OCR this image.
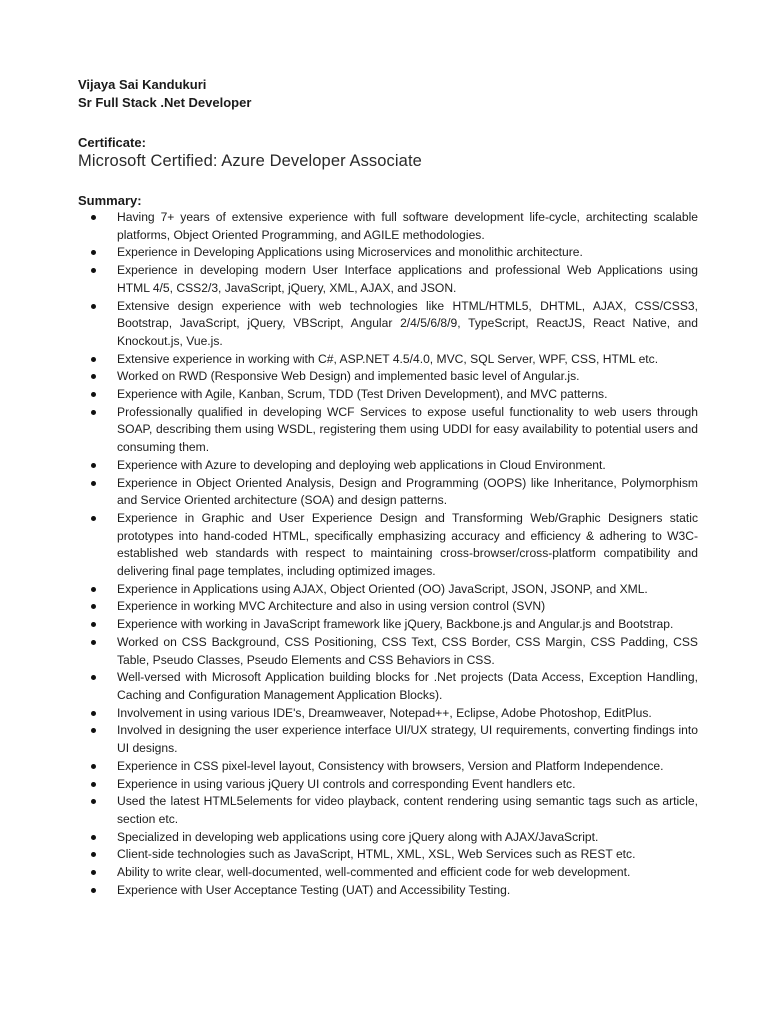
Vijaya Sai Kandukuri
Sr Full Stack .Net Developer
Certificate:
Microsoft Certified: Azure Developer Associate
Summary:
Having 7+ years of extensive experience with full software development life-cycle, architecting scalable platforms, Object Oriented Programming, and AGILE methodologies.
Experience in Developing Applications using Microservices and monolithic architecture.
Experience in developing modern User Interface applications and professional Web Applications using HTML 4/5, CSS2/3, JavaScript, jQuery, XML, AJAX, and JSON.
Extensive design experience with web technologies like HTML/HTML5, DHTML, AJAX, CSS/CSS3, Bootstrap, JavaScript, jQuery, VBScript, Angular 2/4/5/6/8/9, TypeScript, ReactJS, React Native, and Knockout.js, Vue.js.
Extensive experience in working with C#, ASP.NET 4.5/4.0, MVC, SQL Server, WPF, CSS, HTML etc.
Worked on RWD (Responsive Web Design) and implemented basic level of Angular.js.
Experience with Agile, Kanban, Scrum, TDD (Test Driven Development), and MVC patterns.
Professionally qualified in developing WCF Services to expose useful functionality to web users through SOAP, describing them using WSDL, registering them using UDDI for easy availability to potential users and consuming them.
Experience with Azure to developing and deploying web applications in Cloud Environment.
Experience in Object Oriented Analysis, Design and Programming (OOPS) like Inheritance, Polymorphism and Service Oriented architecture (SOA) and design patterns.
Experience in Graphic and User Experience Design and Transforming Web/Graphic Designers static prototypes into hand-coded HTML, specifically emphasizing accuracy and efficiency & adhering to W3C-established web standards with respect to maintaining cross-browser/cross-platform compatibility and delivering final page templates, including optimized images.
Experience in Applications using AJAX, Object Oriented (OO) JavaScript, JSON, JSONP, and XML.
Experience in working MVC Architecture and also in using version control (SVN)
Experience with working in JavaScript framework like jQuery, Backbone.js and Angular.js and Bootstrap.
Worked on CSS Background, CSS Positioning, CSS Text, CSS Border, CSS Margin, CSS Padding, CSS Table, Pseudo Classes, Pseudo Elements and CSS Behaviors in CSS.
Well-versed with Microsoft Application building blocks for .Net projects (Data Access, Exception Handling, Caching and Configuration Management Application Blocks).
Involvement in using various IDE's, Dreamweaver, Notepad++, Eclipse, Adobe Photoshop, EditPlus.
Involved in designing the user experience interface UI/UX strategy, UI requirements, converting findings into UI designs.
Experience in CSS pixel-level layout, Consistency with browsers, Version and Platform Independence.
Experience in using various jQuery UI controls and corresponding Event handlers etc.
Used the latest HTML5elements for video playback, content rendering using semantic tags such as article, section etc.
Specialized in developing web applications using core jQuery along with AJAX/JavaScript.
Client-side technologies such as JavaScript, HTML, XML, XSL, Web Services such as REST etc.
Ability to write clear, well-documented, well-commented and efficient code for web development.
Experience with User Acceptance Testing (UAT) and Accessibility Testing.
